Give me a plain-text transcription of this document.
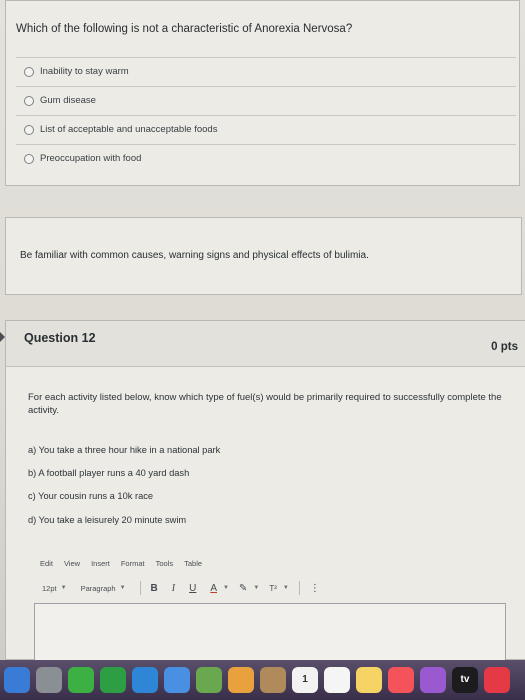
Which of the following is not a characteristic of Anorexia Nervosa?
Inability to stay warm
Gum disease
List of acceptable and unacceptable foods
Preoccupation with food
Be familiar with common causes, warning signs and physical effects of bulimia.
Question 12
0 pts
For each activity listed below, know which type of fuel(s) would be primarily required to successfully complete the activity.
a) You take a three hour hike in a national park
b) A football player runs a 40 yard dash
c) Your cousin runs a 10k race
d) You take a leisurely 20 minute swim
Edit View Insert Format Tools Table
12pt ▼ Paragraph ▼	B I U A ▼ ✎ ▼ T² ▼ ⋮
1	tv
